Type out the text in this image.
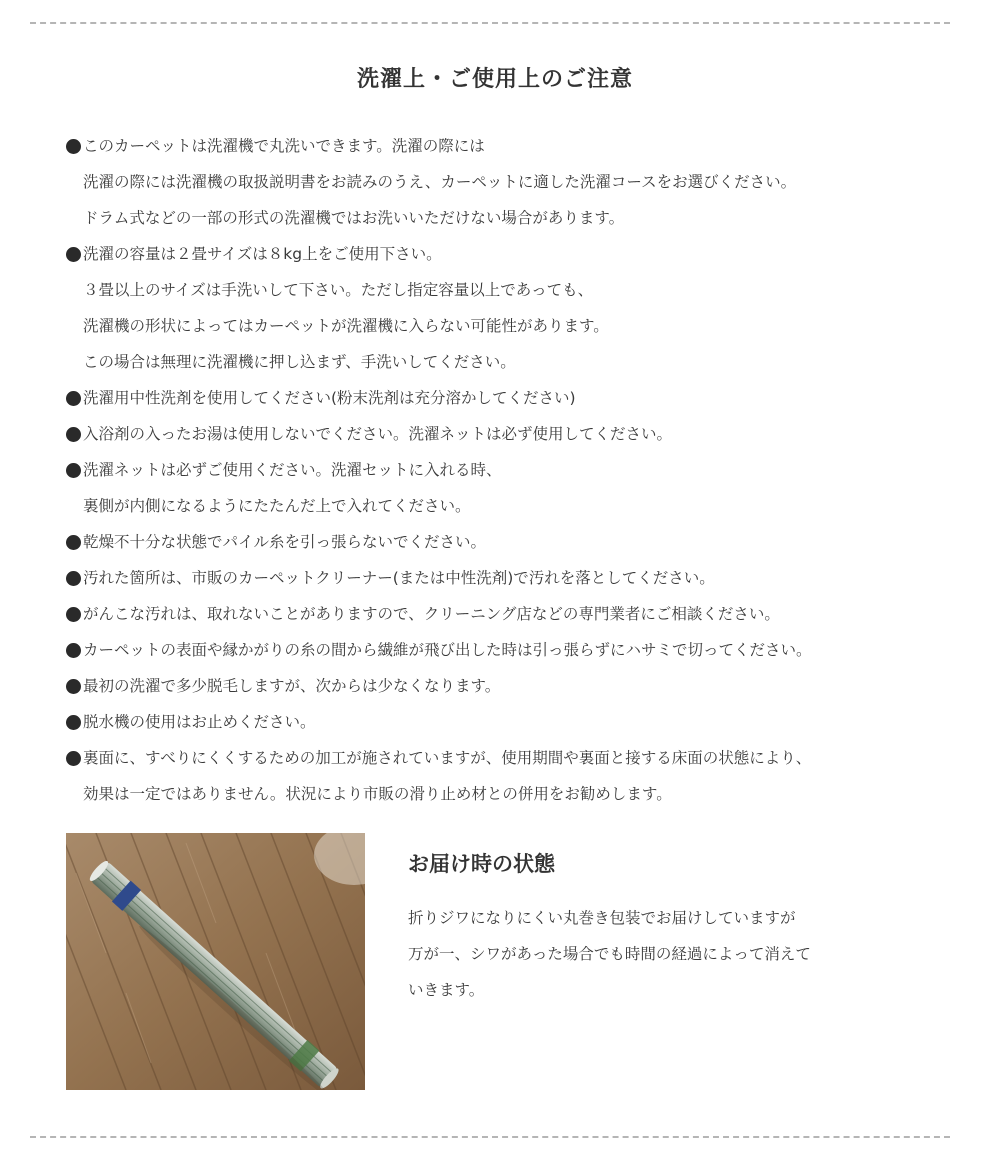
洗濯上・ご使用上のご注意
このカーペットは洗濯機で丸洗いできます。洗濯の際には
洗濯の際には洗濯機の取扱説明書をお読みのうえ、カーペットに適した洗濯コースをお選びください。
ドラム式などの一部の形式の洗濯機ではお洗いいただけない場合があります。
洗濯の容量は２畳サイズは８kg上をご使用下さい。
３畳以上のサイズは手洗いして下さい。ただし指定容量以上であっても、
洗濯機の形状によってはカーペットが洗濯機に入らない可能性があります。
この場合は無理に洗濯機に押し込まず、手洗いしてください。
洗濯用中性洗剤を使用してください(粉末洗剤は充分溶かしてください)
入浴剤の入ったお湯は使用しないでください。洗濯ネットは必ず使用してください。
洗濯ネットは必ずご使用ください。洗濯セットに入れる時、
裏側が内側になるようにたたんだ上で入れてください。
乾燥不十分な状態でパイル糸を引っ張らないでください。
汚れた箇所は、市販のカーペットクリーナー(または中性洗剤)で汚れを落としてください。
がんこな汚れは、取れないことがありますので、クリーニング店などの専門業者にご相談ください。
カーペットの表面や縁かがりの糸の間から繊維が飛び出した時は引っ張らずにハサミで切ってください。
最初の洗濯で多少脱毛しますが、次からは少なくなります。
脱水機の使用はお止めください。
裏面に、すべりにくくするための加工が施されていますが、使用期間や裏面と接する床面の状態により、
効果は一定ではありません。状況により市販の滑り止め材との併用をお勧めします。
お届け時の状態
折りジワになりにくい丸巻き包装でお届けしていますが
万が一、シワがあった場合でも時間の経過によって消えて
いきます。
